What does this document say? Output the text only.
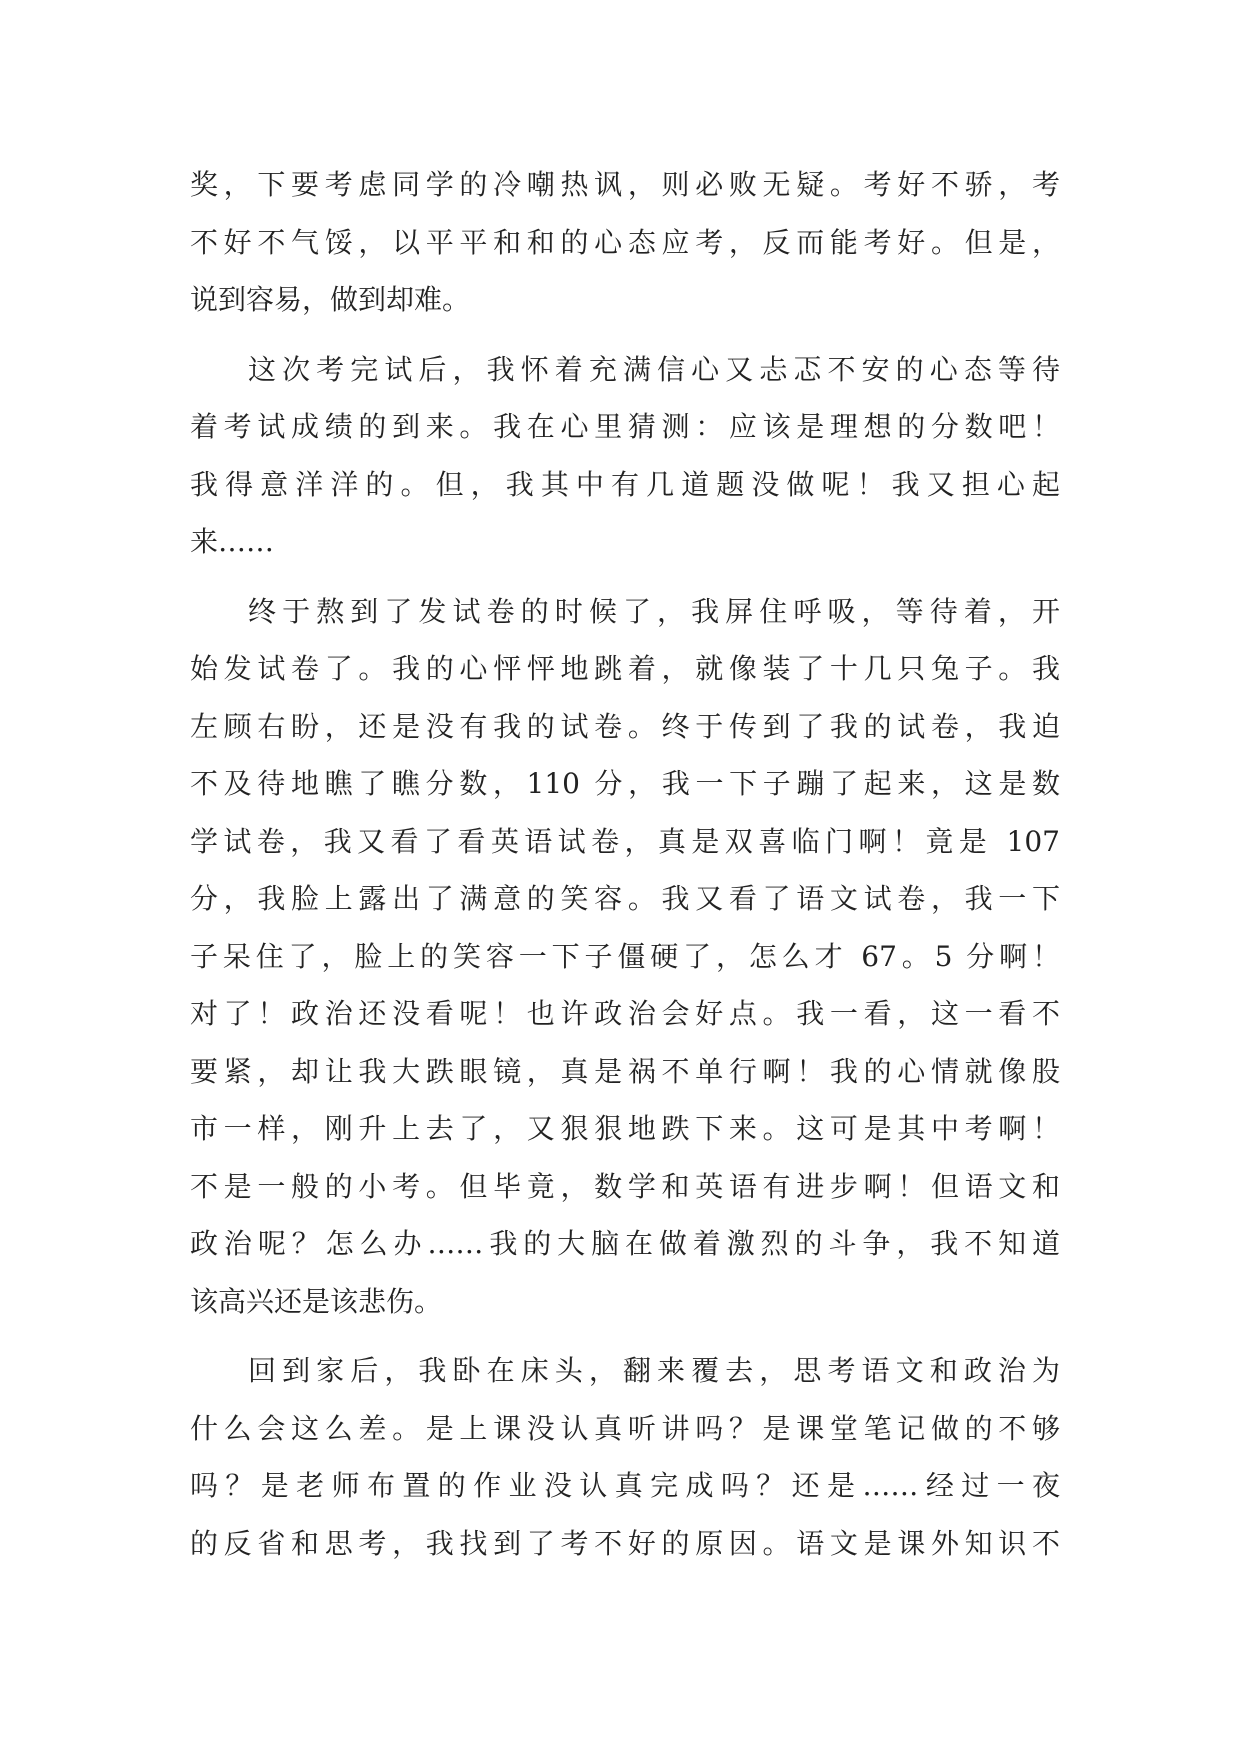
奖，下要考虑同学的冷嘲热讽，则必败无疑。考好不骄，考
不好不气馁，以平平和和的心态应考，反而能考好。但是，
说到容易，做到却难。

这次考完试后，我怀着充满信心又忐忑不安的心态等待
着考试成绩的到来。我在心里猜测：应该是理想的分数吧！
我得意洋洋的。但，我其中有几道题没做呢！我又担心起
来……

终于熬到了发试卷的时候了，我屏住呼吸，等待着，开
始发试卷了。我的心怦怦地跳着，就像装了十几只兔子。我
左顾右盼，还是没有我的试卷。终于传到了我的试卷，我迫
不及待地瞧了瞧分数，110 分，我一下子蹦了起来，这是数
学试卷，我又看了看英语试卷，真是双喜临门啊！竟是 107
分，我脸上露出了满意的笑容。我又看了语文试卷，我一下
子呆住了，脸上的笑容一下子僵硬了，怎么才 67。5 分啊！
对了！政治还没看呢！也许政治会好点。我一看，这一看不
要紧，却让我大跌眼镜，真是祸不单行啊！我的心情就像股
市一样，刚升上去了，又狠狠地跌下来。这可是其中考啊！
不是一般的小考。但毕竟，数学和英语有进步啊！但语文和
政治呢？怎么办……我的大脑在做着激烈的斗争，我不知道
该高兴还是该悲伤。

回到家后，我卧在床头，翻来覆去，思考语文和政治为
什么会这么差。是上课没认真听讲吗？是课堂笔记做的不够
吗？是老师布置的作业没认真完成吗？还是……经过一夜
的反省和思考，我找到了考不好的原因。语文是课外知识不
